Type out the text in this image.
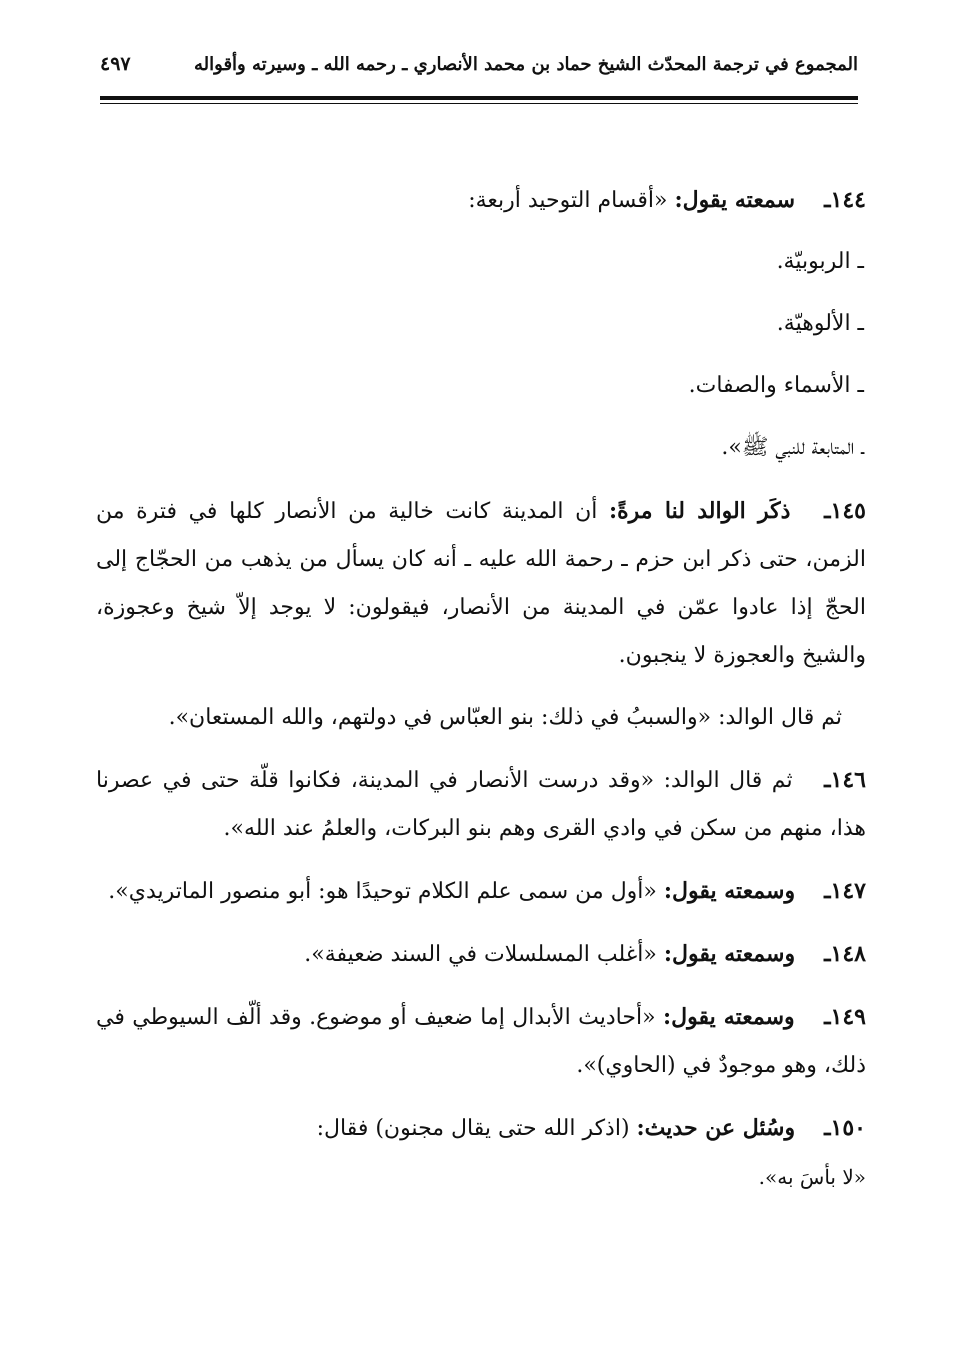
المجموع في ترجمة المحدّث الشيخ حماد بن محمد الأنصاري ـ رحمه الله ـ وسيرته وأقواله
٤٩٧

١٤٤ـ سمعته يقول: «أقسام التوحيد أربعة:

ـ الربوبيّة.
ـ الألوهيّة.
ـ الأسماء والصفات.
ـ المتابعة للنبي ﷺ».

١٤٥ـ ذكَر الوالد لنا مرةً: أن المدينة كانت خالية من الأنصار كلها في فترة من الزمن، حتى ذكر ابن حزم ـ رحمة الله عليه ـ أنه كان يسأل من يذهب من الحجّاج إلى الحجّ إذا عادوا عمّن في المدينة من الأنصار، فيقولون: لا يوجد إلاّ شيخ وعجوزة، والشيخ والعجوزة لا ينجبون.

ثم قال الوالد: «والسببُ في ذلك: بنو العبّاس في دولتهم، والله المستعان».

١٤٦ـ ثم قال الوالد: «وقد درست الأنصار في المدينة، فكانوا قلّة حتى في عصرنا هذا، منهم من سكن في وادي القرى وهم بنو البركات، والعلمُ عند الله».

١٤٧ـ وسمعته يقول: «أول من سمى علم الكلام توحيدًا هو: أبو منصور الماتريدي».

١٤٨ـ وسمعته يقول: «أغلب المسلسلات في السند ضعيفة».

١٤٩ـ وسمعته يقول: «أحاديث الأبدال إما ضعيف أو موضوع. وقد ألّف السيوطي في ذلك، وهو موجودٌ في (الحاوي)».

١٥٠ـ وسُئل عن حديث: (اذكر الله حتى يقال مجنون) فقال:

«لا بأسَ به».
